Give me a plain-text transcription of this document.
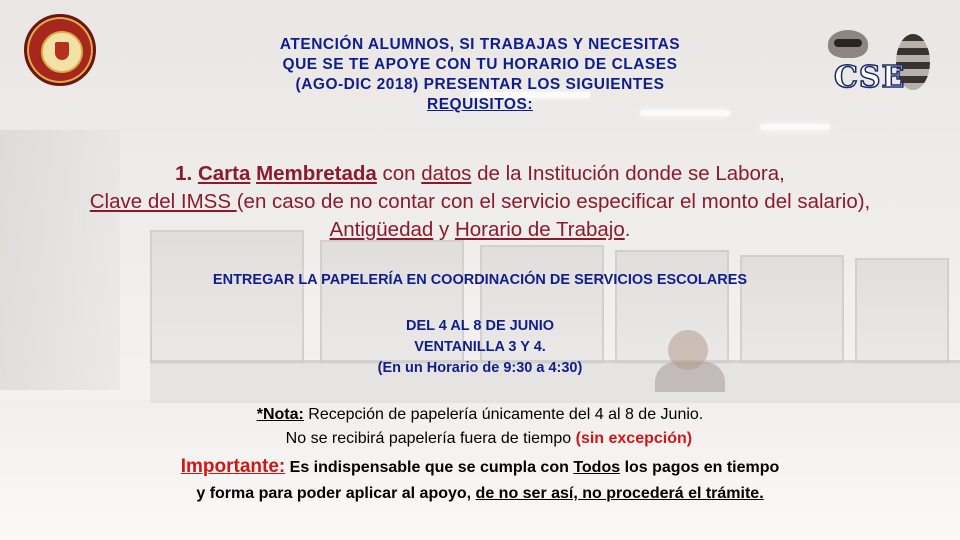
CSE
ATENCIÓN ALUMNOS, SI TRABAJAS Y NECESITAS
QUE SE TE APOYE CON TU HORARIO DE CLASES
(AGO-DIC 2018) PRESENTAR LOS SIGUIENTES
REQUISITOS:
1. Carta Membretada con datos de la Institución donde se Labora,
Clave del IMSS (en caso de no contar con el servicio especificar el monto del salario),
Antigüedad y Horario de Trabajo.
ENTREGAR LA PAPELERÍA EN COORDINACIÓN DE SERVICIOS ESCOLARES
DEL 4 AL 8 DE JUNIO
VENTANILLA 3 Y 4.
(En un Horario de 9:30 a 4:30)
*Nota: Recepción de papelería únicamente del 4 al 8 de Junio.
No se recibirá papelería fuera de tiempo (sin excepción)
Importante: Es indispensable que se cumpla con Todos los pagos en tiempo
y forma para poder aplicar al apoyo, de no ser así, no procederá el trámite.
